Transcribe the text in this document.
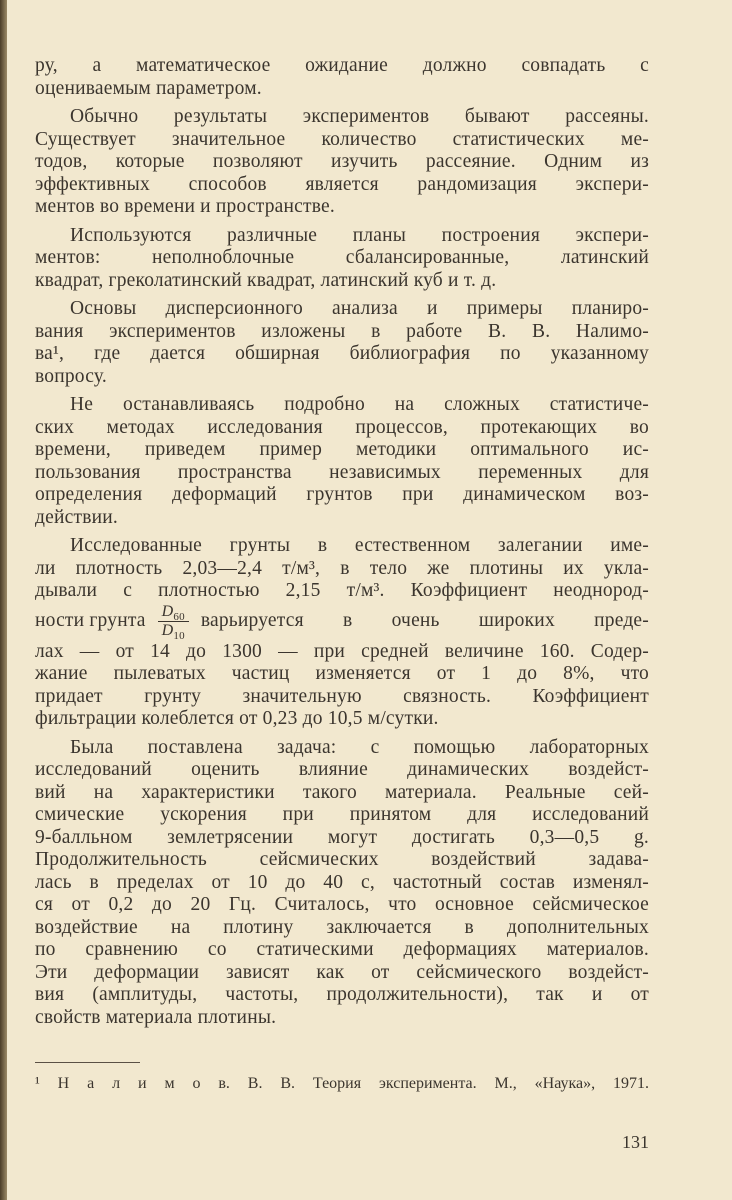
ру, а математическое ожидание должно совпадать с
оцениваемым параметром.
Обычно результаты экспериментов бывают рассеяны.
Существует значительное количество статистических ме-
тодов, которые позволяют изучить рассеяние. Одним из
эффективных способов является рандомизация экспери-
ментов во времени и пространстве.
Используются различные планы построения экспери-
ментов: неполноблочные сбалансированные, латинский
квадрат, греколатинский квадрат, латинский куб и т. д.
Основы дисперсионного анализа и примеры планиро-
вания экспериментов изложены в работе В. В. Налимо-
ва¹, где дается обширная библиография по указанному
вопросу.
Не останавливаясь подробно на сложных статистиче-
ских методах исследования процессов, протекающих во
времени, приведем пример методики оптимального ис-
пользования пространства независимых переменных для
определения деформаций грунтов при динамическом воз-
действии.
Исследованные грунты в естественном залегании име-
ли плотность 2,03—2,4 т/м³, в тело же плотины их укла-
дывали с плотностью 2,15 т/м³. Коэффициент неоднород-
ности грунта $\frac{D_{60}}{D_{10}}$ варьируется в очень широких преде-
лах — от 14 до 1300 — при средней величине 160. Содер-
жание пылеватых частиц изменяется от 1 до 8%, что
придает грунту значительную связность. Коэффициент
фильтрации колеблется от 0,23 до 10,5 м/сутки.
Была поставлена задача: с помощью лабораторных
исследований оценить влияние динамических воздейст-
вий на характеристики такого материала. Реальные сей-
смические ускорения при принятом для исследований
9-балльном землетрясении могут достигать 0,3—0,5 g.
Продолжительность сейсмических воздействий задава-
лась в пределах от 10 до 40 с, частотный состав изменял-
ся от 0,2 до 20 Гц. Считалось, что основное сейсмическое
воздействие на плотину заключается в дополнительных
по сравнению со статическими деформациях материалов.
Эти деформации зависят как от сейсмического воздейст-
вия (амплитуды, частоты, продолжительности), так и от
свойств материала плотины.
¹ Н а л и м о в. В. В. Теория эксперимента. М., «Наука», 1971.
131
